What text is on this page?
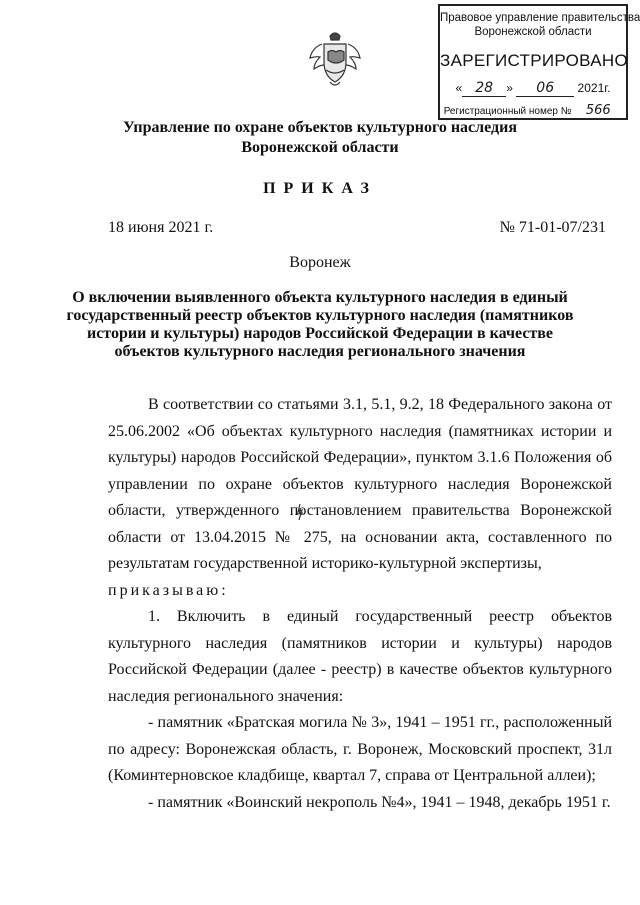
Правовое управление правительства
Воронежской области
ЗАРЕГИСТРИРОВАНО
« 28 » 06 2021г.
Регистрационный номер № 566
Управление по охране объектов культурного наследия
Воронежской области
ПРИКАЗ
18 июня 2021 г.	№ 71-01-07/231
Воронеж
О включении выявленного объекта культурного наследия в единый
государственный реестр объектов культурного наследия (памятников
истории и культуры) народов Российской Федерации в качестве
объектов культурного наследия регионального значения

В соответствии со статьями 3.1, 5.1, 9.2, 18 Федерального закона от 25.06.2002 «Об объектах культурного наследия (памятниках истории и культуры) народов Российской Федерации», пунктом 3.1.6 Положения об управлении по охране объектов культурного наследия Воронежской области, утвержденного постановлением правительства Воронежской области от 13.04.2015 № 275, на основании акта, составленного по результатам государственной историко-культурной экспертизы,

приказываю:

1. Включить в единый государственный реестр объектов культурного наследия (памятников истории и культуры) народов Российской Федерации (далее - реестр) в качестве объектов культурного наследия регионального значения:

- памятник «Братская могила № 3», 1941 – 1951 гг., расположенный по адресу: Воронежская область, г. Воронеж, Московский проспект, 31л (Коминтерновское кладбище, квартал 7, справа от Центральной аллеи);

- памятник «Воинский некрополь №4», 1941 – 1948, декабрь 1951 г.
